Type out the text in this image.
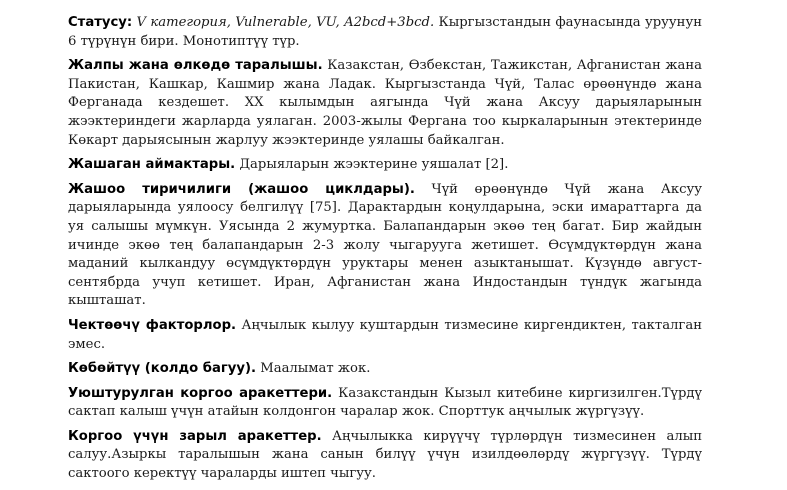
Статусу: V категория, Vulnerable, VU, A2bcd+3bcd. Кыргызстандын фаунасында уруунун 6 түрүнүн бири. Монотиптүү түр.

Жалпы жана өлкөдө таралышы. Казакстан, Өзбекстан, Тажикстан, Афганистан жана Пакистан, Кашкар, Кашмир жана Ладак. Кыргызстанда Чүй, Талас өрөөнүндө жана Ферганада кездешет. XX кылымдын аягында Чүй жана Аксуу дарыяларынын жээктериндеги жарларда уялаган. 2003-жылы Фергана тоо кыркаларынын этектеринде Көкарт дарыясынын жарлуу жээктеринде уялашы байкалган.

Жашаган аймактары. Дарыяларын жээктерине уяшалат [2].

Жашоо тиричилиги (жашоо циклдары). Чүй өрөөнүндө Чүй жана Аксуу дарыяларында уялоосу белгилүү [75]. Дарактардын коңулдарына, эски имараттарга да уя салышы мүмкүн. Уясында 2 жумуртка. Балапандарын экөө тең багат. Бир жайдын ичинде экөө тең балапандарын 2-3 жолу чыгарууга жетишет. Өсүмдүктөрдүн жана маданий кылкандуу өсүмдүктөрдүн уруктары менен азыктанышат. Күзүндө август-сентябрда учуп кетишет. Иран, Афганистан жана Индостандын түндүк жагында кышташат.

Чектөөчү факторлор. Аңчылык кылуу куштардын тизмесине киргендиктен, такталган эмес.

Көбөйтүү (колдо багуу). Маалымат жок.

Уюштурулган коргоо аракеттери. Казакстандын Кызыл китебине киргизилген.Түрдү сактап калыш үчүн атайын колдонгон чаралар жок. Спорттук аңчылык жүргүзүү.

Коргоо үчүн зарыл аракеттер. Аңчылыкка кирүүчү түрлөрдүн тизмесинен алып салуу.Азыркы таралышын жана санын билүү үчүн изилдөөлөрдү жүргүзүү. Түрдү сактоого керектүү чараларды иштеп чыгуу.
